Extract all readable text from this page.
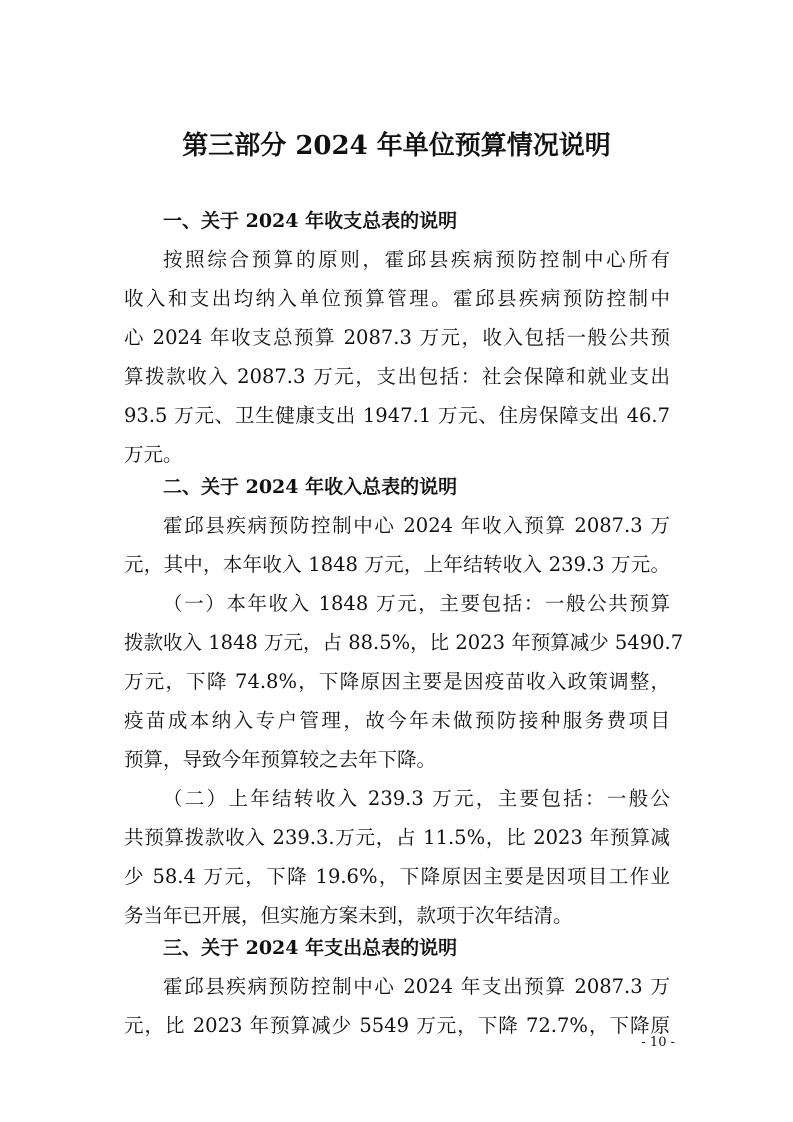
第三部分 2024 年单位预算情况说明
一、关于 2024 年收支总表的说明
按照综合预算的原则，霍邱县疾病预防控制中心所有
收入和支出均纳入单位预算管理。霍邱县疾病预防控制中
心 2024 年收支总预算 2087.3 万元，收入包括一般公共预
算拨款收入 2087.3 万元，支出包括：社会保障和就业支出
93.5 万元、卫生健康支出 1947.1 万元、住房保障支出 46.7
万元。
二、关于 2024 年收入总表的说明
霍邱县疾病预防控制中心 2024 年收入预算 2087.3 万
元，其中，本年收入 1848 万元，上年结转收入 239.3 万元。
（一）本年收入 1848 万元，主要包括：一般公共预算
拨款收入 1848 万元，占 88.5%，比 2023 年预算减少 5490.7
万元，下降 74.8%，下降原因主要是因疫苗收入政策调整，
疫苗成本纳入专户管理，故今年未做预防接种服务费项目
预算，导致今年预算较之去年下降。
（二）上年结转收入 239.3 万元，主要包括：一般公
共预算拨款收入 239.3.万元，占 11.5%，比 2023 年预算减
少 58.4 万元，下降 19.6%，下降原因主要是因项目工作业
务当年已开展，但实施方案未到，款项于次年结清。
三、关于 2024 年支出总表的说明
霍邱县疾病预防控制中心 2024 年支出预算 2087.3 万
元，比 2023 年预算减少 5549 万元，下降 72.7%，下降原
- 10 -
